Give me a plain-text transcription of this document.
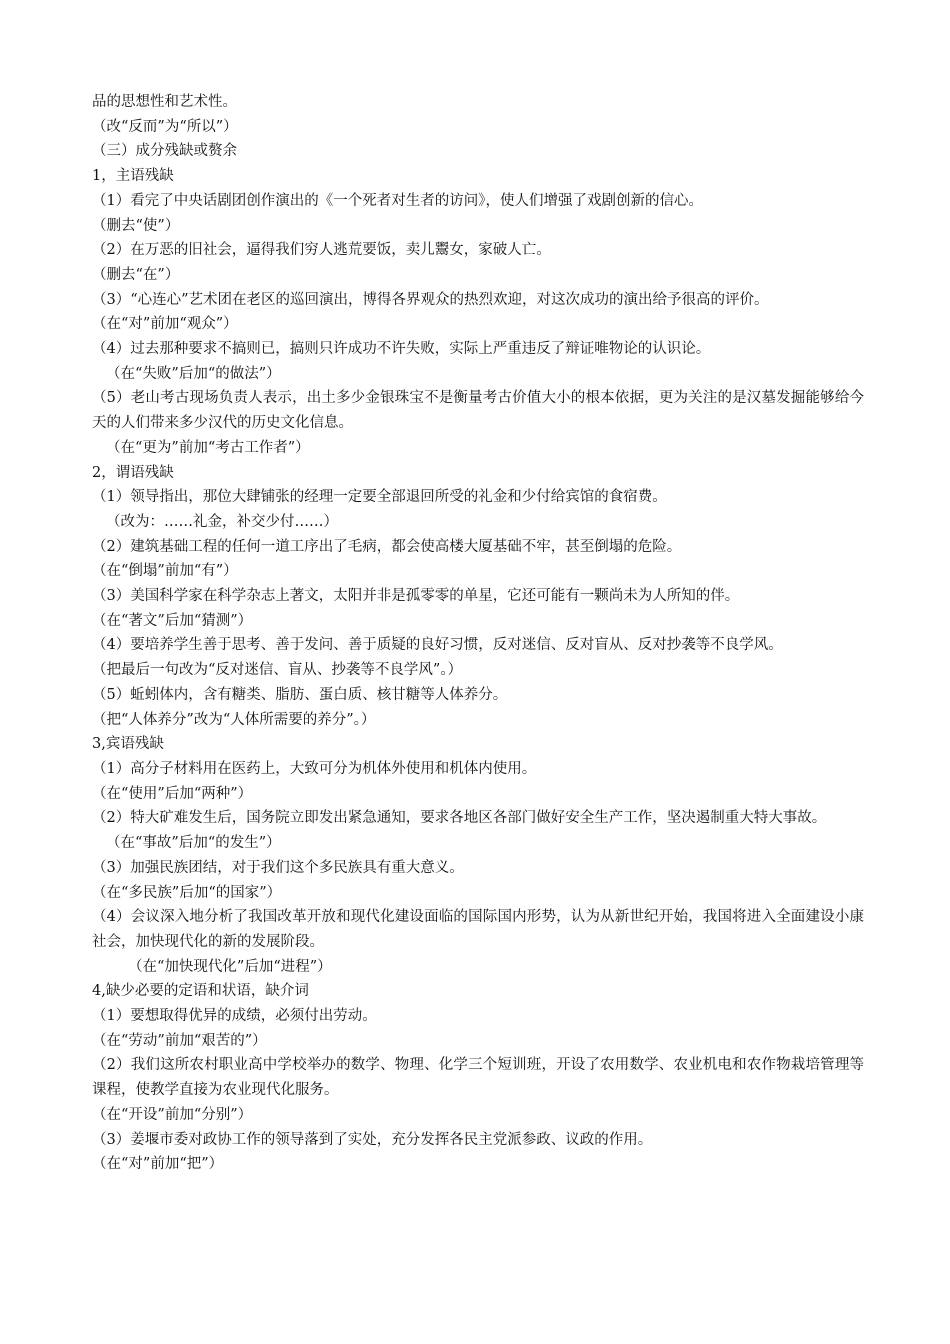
品的思想性和艺术性。
（改“反而”为“所以”）
（三）成分残缺或赘余
1，主语残缺
（1）看完了中央话剧团创作演出的《一个死者对生者的访问》，使人们增强了戏剧创新的信心。
（删去“使”）
（2）在万恶的旧社会，逼得我们穷人逃荒要饭，卖儿鬻女，家破人亡。
（删去“在”）
（3）“心连心”艺术团在老区的巡回演出，博得各界观众的热烈欢迎，对这次成功的演出给予很高的评价。
（在“对”前加“观众”）
（4）过去那种要求不搞则已，搞则只许成功不许失败，实际上严重违反了辩证唯物论的认识论。
（在“失败”后加“的做法”）
（5）老山考古现场负责人表示，出土多少金银珠宝不是衡量考古价值大小的根本依据，更为关注的是汉墓发掘能够给今天的人们带来多少汉代的历史文化信息。
（在“更为”前加“考古工作者”）
2，谓语残缺
（1）领导指出，那位大肆铺张的经理一定要全部退回所受的礼金和少付给宾馆的食宿费。
（改为：……礼金，补交少付……）
（2）建筑基础工程的任何一道工序出了毛病，都会使高楼大厦基础不牢，甚至倒塌的危险。
（在“倒塌”前加“有”）
（3）美国科学家在科学杂志上著文，太阳并非是孤零零的单星，它还可能有一颗尚未为人所知的伴。
（在“著文”后加“猜测”）
（4）要培养学生善于思考、善于发问、善于质疑的良好习惯，反对迷信、反对盲从、反对抄袭等不良学风。
（把最后一句改为“反对迷信、盲从、抄袭等不良学风”。）
（5）蚯蚓体内，含有糖类、脂肪、蛋白质、核甘糖等人体养分。
（把“人体养分”改为“人体所需要的养分”。）
3,宾语残缺
（1）高分子材料用在医药上，大致可分为机体外使用和机体内使用。
（在“使用”后加“两种”）
（2）特大矿难发生后，国务院立即发出紧急通知，要求各地区各部门做好安全生产工作，坚决遏制重大特大事故。
（在“事故”后加“的发生”）
（3）加强民族团结，对于我们这个多民族具有重大意义。
（在“多民族”后加“的国家”）
（4）会议深入地分析了我国改革开放和现代化建设面临的国际国内形势，认为从新世纪开始，我国将进入全面建设小康社会，加快现代化的新的发展阶段。
（在“加快现代化”后加“进程”）
4,缺少必要的定语和状语，缺介词
（1）要想取得优异的成绩，必须付出劳动。
（在“劳动”前加“艰苦的”）
（2）我们这所农村职业高中学校举办的数学、物理、化学三个短训班，开设了农用数学、农业机电和农作物栽培管理等课程，使教学直接为农业现代化服务。
（在“开设”前加“分别”）
（3）姜堰市委对政协工作的领导落到了实处，充分发挥各民主党派参政、议政的作用。
（在“对”前加“把”）
